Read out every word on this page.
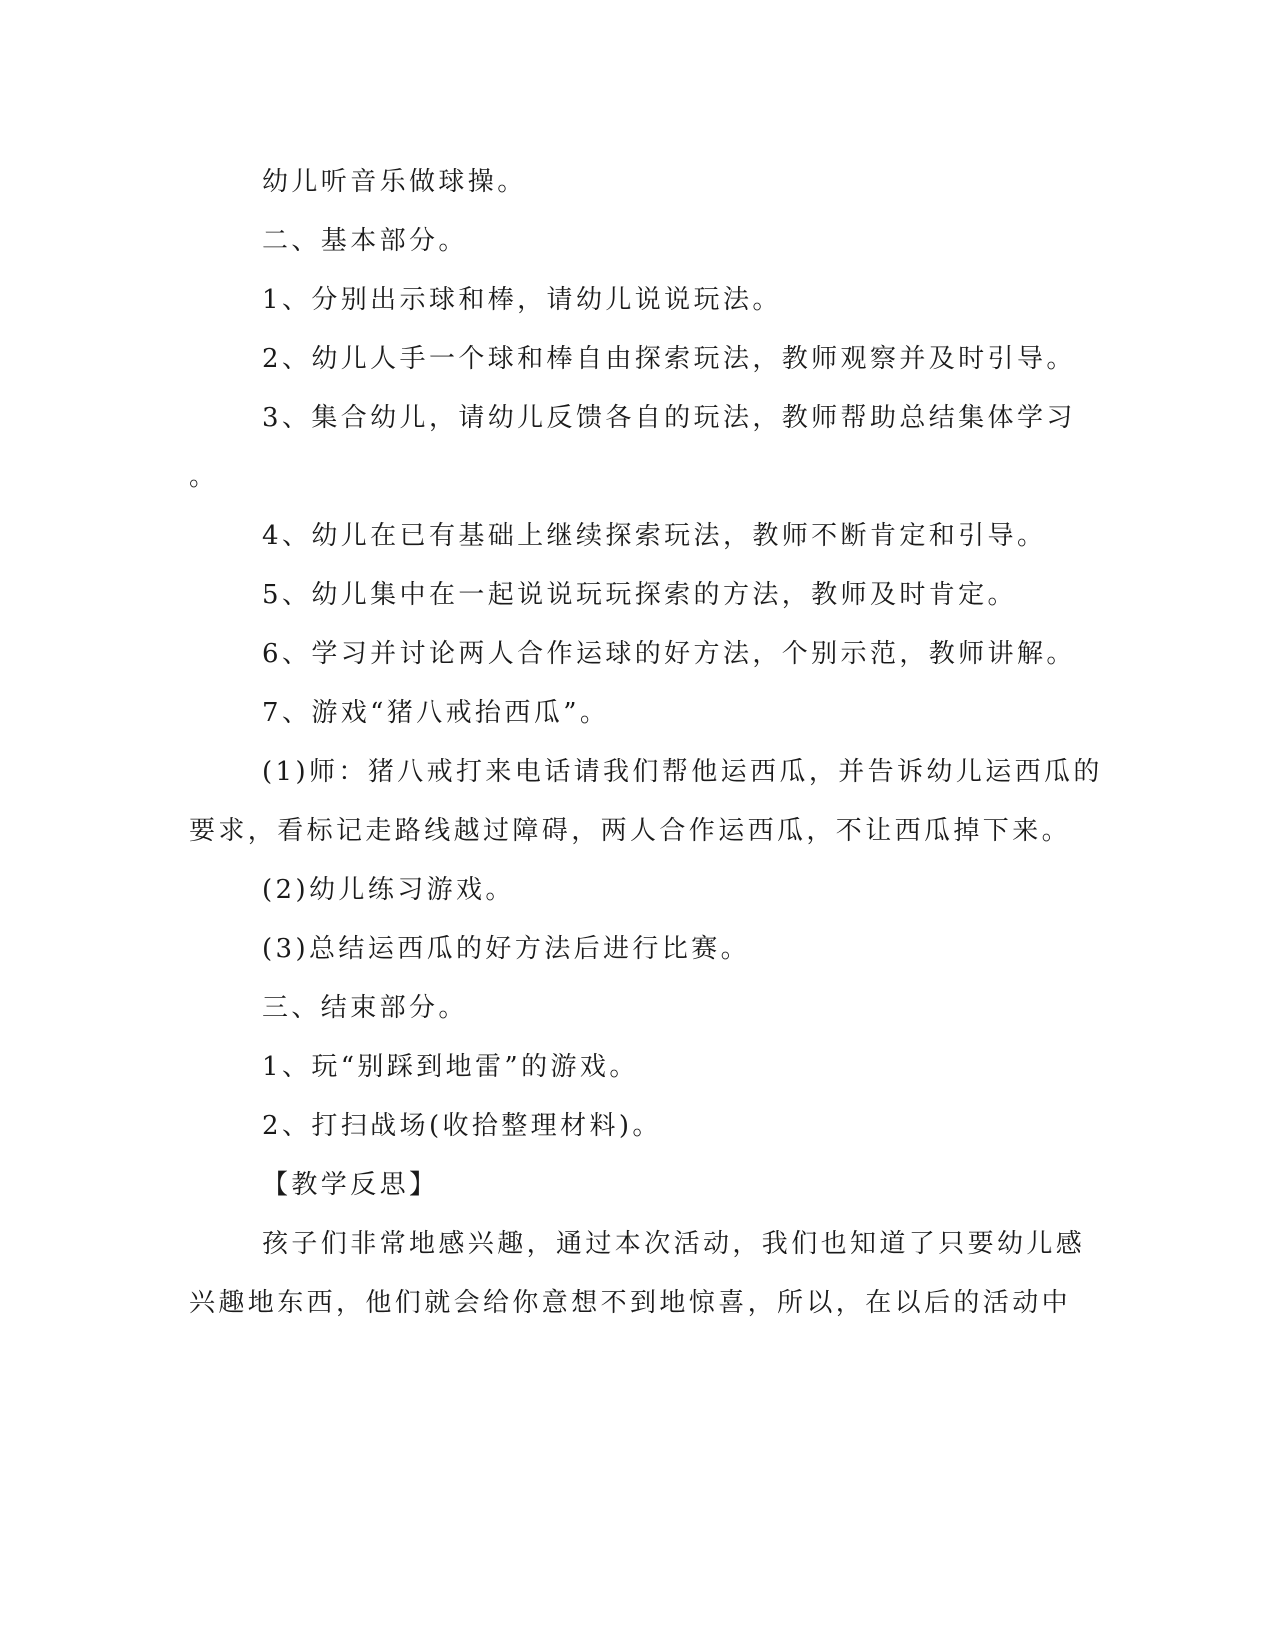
幼儿听音乐做球操。
二、基本部分。
1、分别出示球和棒，请幼儿说说玩法。
2、幼儿人手一个球和棒自由探索玩法，教师观察并及时引导。
3、集合幼儿，请幼儿反馈各自的玩法，教师帮助总结集体学习
。
4、幼儿在已有基础上继续探索玩法，教师不断肯定和引导。
5、幼儿集中在一起说说玩玩探索的方法，教师及时肯定。
6、学习并讨论两人合作运球的好方法，个别示范，教师讲解。
7、游戏“猪八戒抬西瓜”。
(1)师：猪八戒打来电话请我们帮他运西瓜，并告诉幼儿运西瓜的
要求，看标记走路线越过障碍，两人合作运西瓜，不让西瓜掉下来。
(2)幼儿练习游戏。
(3)总结运西瓜的好方法后进行比赛。
三、结束部分。
1、玩“别踩到地雷”的游戏。
2、打扫战场(收拾整理材料)。
【教学反思】
孩子们非常地感兴趣，通过本次活动，我们也知道了只要幼儿感
兴趣地东西，他们就会给你意想不到地惊喜，所以，在以后的活动中
